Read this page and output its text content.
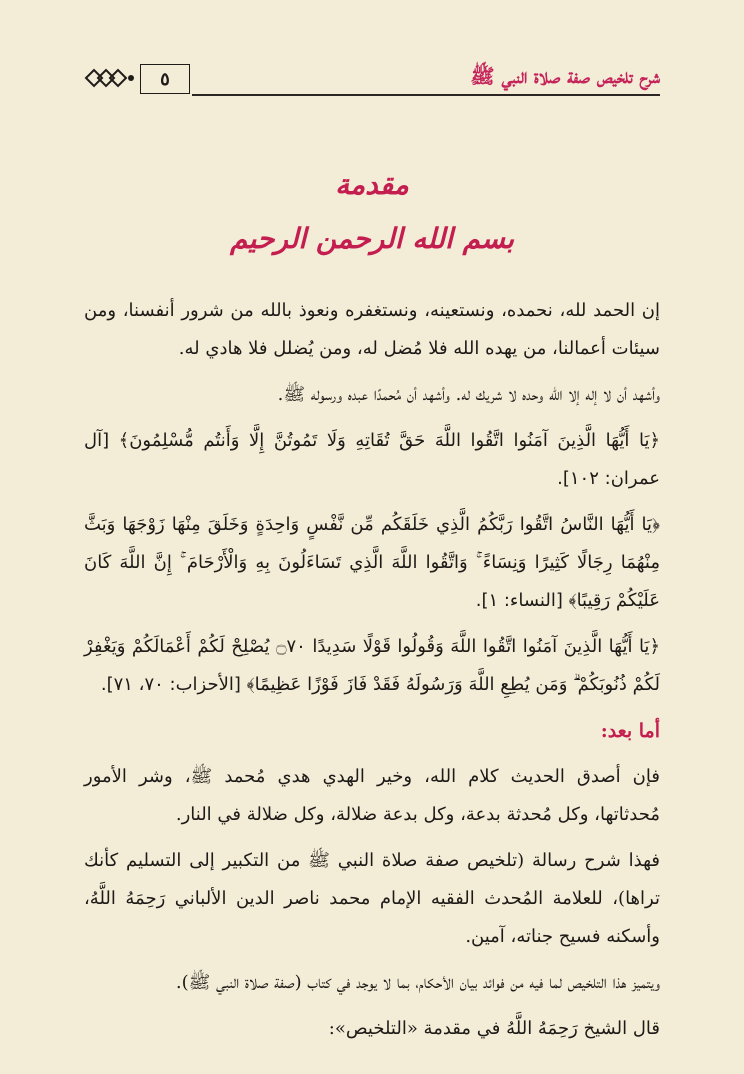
شرح تلخيص صفة صلاة النبي ﷺ
٥
مقدمة
بسم الله الرحمن الرحيم

إن الحمد لله، نحمده، ونستعينه، ونستغفره ونعوذ بالله من شرور أنفسنا، ومن سيئات أعمالنا، من يهده الله فلا مُضل له، ومن يُضلل فلا هادي له.

وأشهد أن لا إله إلا الله وحده لا شريك له. وأشهد أن مُحمدًا عبده ورسوله ﷺ.

﴿يَا أَيُّهَا الَّذِينَ آمَنُوا اتَّقُوا اللَّهَ حَقَّ تُقَاتِهِ وَلَا تَمُوتُنَّ إِلَّا وَأَنتُم مُّسْلِمُونَ﴾ [آل عمران: ١٠٢].

﴿يَا أَيُّهَا النَّاسُ اتَّقُوا رَبَّكُمُ الَّذِي خَلَقَكُم مِّن نَّفْسٍ وَاحِدَةٍ وَخَلَقَ مِنْهَا زَوْجَهَا وَبَثَّ مِنْهُمَا رِجَالًا كَثِيرًا وَنِسَاءً ۚ وَاتَّقُوا اللَّهَ الَّذِي تَسَاءَلُونَ بِهِ وَالْأَرْحَامَ ۚ إِنَّ اللَّهَ كَانَ عَلَيْكُمْ رَقِيبًا﴾ [النساء: ١].

﴿يَا أَيُّهَا الَّذِينَ آمَنُوا اتَّقُوا اللَّهَ وَقُولُوا قَوْلًا سَدِيدًا ۝٧٠ يُصْلِحْ لَكُمْ أَعْمَالَكُمْ وَيَغْفِرْ لَكُمْ ذُنُوبَكُمْ ۗ وَمَن يُطِعِ اللَّهَ وَرَسُولَهُ فَقَدْ فَازَ فَوْزًا عَظِيمًا﴾ [الأحزاب: ٧٠، ٧١].

أما بعد:

فإن أصدق الحديث كلام الله، وخير الهدي هدي مُحمد ﷺ، وشر الأمور مُحدثاتها، وكل مُحدثة بدعة، وكل بدعة ضلالة، وكل ضلالة في النار.

فهذا شرح رسالة (تلخيص صفة صلاة النبي ﷺ من التكبير إلى التسليم كأنك تراها)، للعلامة المُحدث الفقيه الإمام محمد ناصر الدين الألباني رَحِمَهُ اللَّهُ، وأسكنه فسيح جناته، آمين.

ويتميز هذا التلخيص لما فيه من فوائد بيان الأحكام، بما لا يوجد في كتاب (صفة صلاة النبي ﷺ).

قال الشيخ رَحِمَهُ اللَّهُ في مقدمة «التلخيص»:
